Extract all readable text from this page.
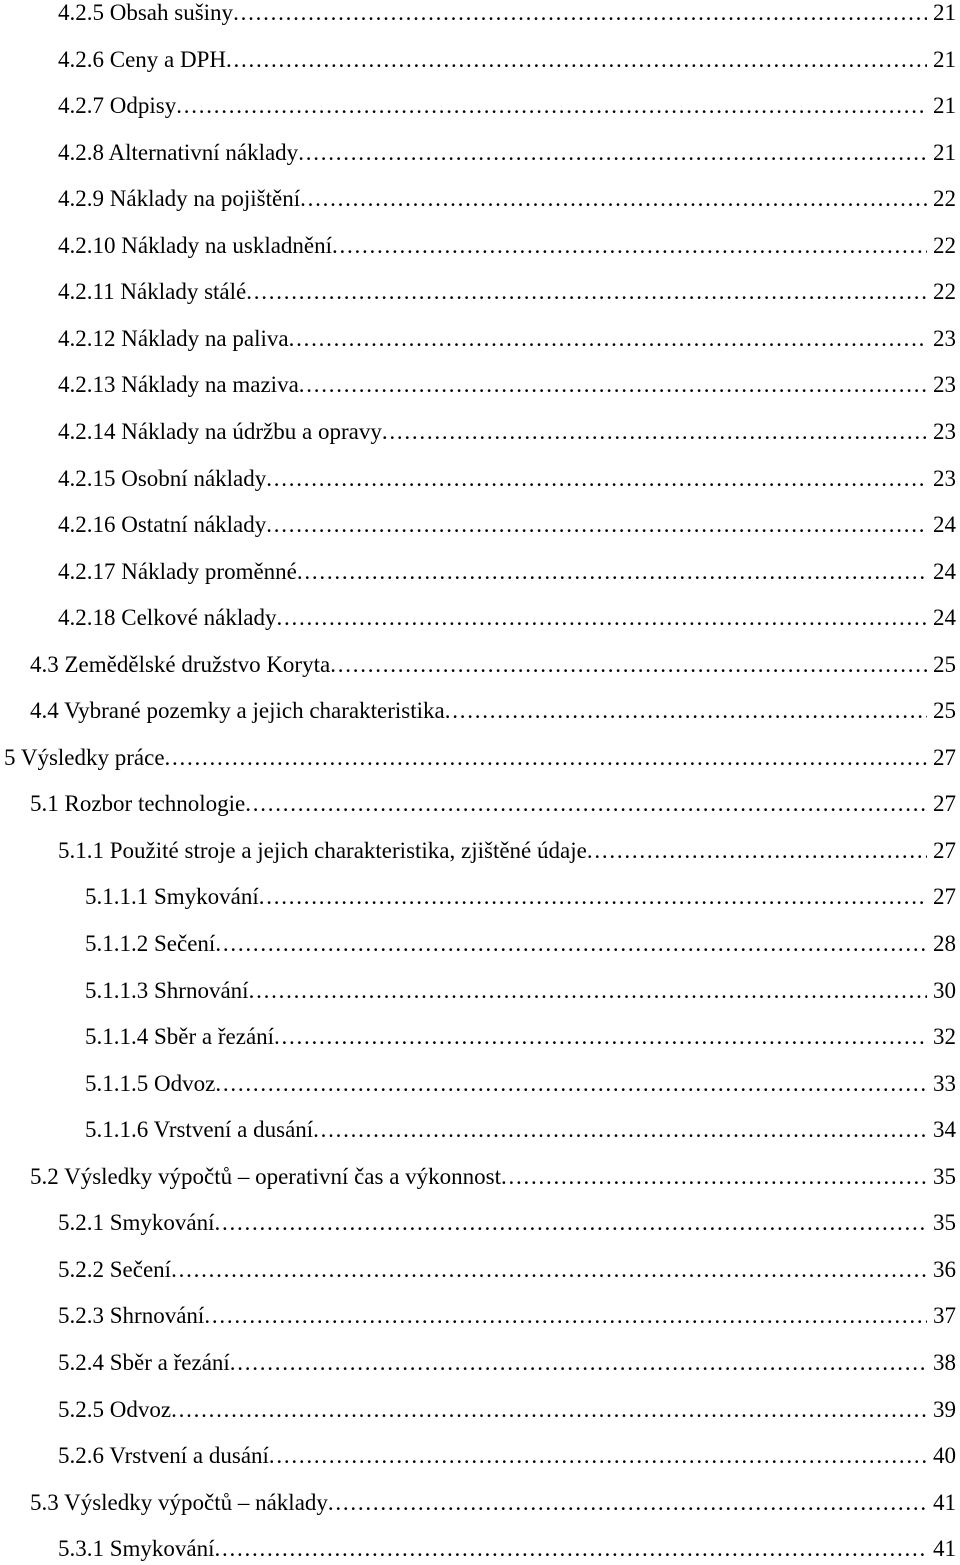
4.2.5 Obsah sušiny . . .	21
4.2.6 Ceny a DPH . . .	21
4.2.7 Odpisy . . .	21
4.2.8 Alternativní náklady . . .	21
4.2.9 Náklady na pojištění . . .	22
4.2.10 Náklady na uskladnění . . .	22
4.2.11 Náklady stálé . . .	22
4.2.12 Náklady na paliva . . .	23
4.2.13 Náklady na maziva . . .	23
4.2.14 Náklady na údržbu a opravy . . .	23
4.2.15 Osobní náklady . . .	23
4.2.16 Ostatní náklady . . .	24
4.2.17 Náklady proměnné . . .	24
4.2.18 Celkové náklady . . .	24
4.3 Zemědělské družstvo Koryta . . .	25
4.4 Vybrané pozemky a jejich charakteristika . . .	25
5 Výsledky práce . . .	27
5.1 Rozbor technologie . . .	27
5.1.1 Použité stroje a jejich charakteristika, zjištěné údaje . . .	27
5.1.1.1 Smykování . . .	27
5.1.1.2 Sečení . . .	28
5.1.1.3 Shrnování . . .	30
5.1.1.4 Sběr a řezání . . .	32
5.1.1.5 Odvoz . . .	33
5.1.1.6 Vrstvení a dusání . . .	34
5.2 Výsledky výpočtů – operativní čas a výkonnost . . .	35
5.2.1 Smykování . . .	35
5.2.2 Sečení . . .	36
5.2.3 Shrnování . . .	37
5.2.4 Sběr a řezání . . .	38
5.2.5 Odvoz . . .	39
5.2.6 Vrstvení a dusání . . .	40
5.3 Výsledky výpočtů – náklady . . .	41
5.3.1 Smykování . . .	41
